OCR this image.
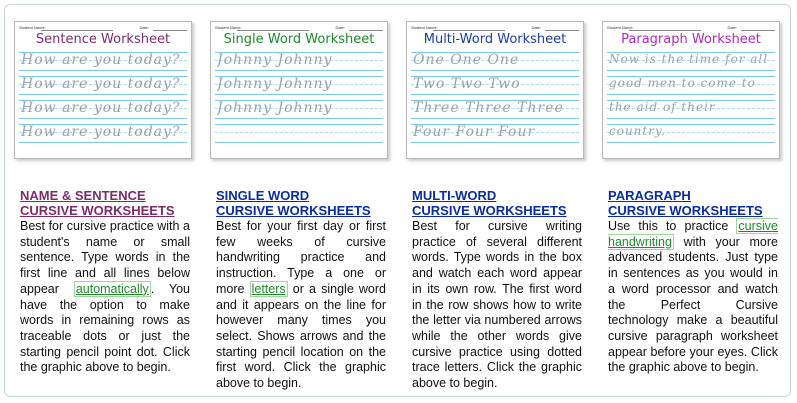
Student Name:	Date:
Sentence Worksheet
How are you today?
How are you today?
How are you today?
How are you today?
NAME & SENTENCE
CURSIVE WORKSHEETS
Best for cursive practice with a student's name or small sentence. Type words in the first line and all lines below appear automatically . You have the option to make words in remaining rows as traceable dots or just the starting pencil point dot. Click the graphic above to begin.
Student Name:	Date:
Single Word Worksheet
Johnny Johnny
Johnny Johnny
Johnny Johnny
SINGLE WORD
CURSIVE WORKSHEETS
Best for your first day or first few weeks of cursive handwriting practice and instruction. Type a one or more letters or a single word and it appears on the line for however many times you select. Shows arrows and the starting pencil location on the first word. Click the graphic above to begin.
Student Name:	Date:
Multi-Word Worksheet
One One One
Two Two Two
Three Three Three
Four Four Four
MULTI-WORD
CURSIVE WORKSHEETS
Best for cursive writing practice of several different words. Type words in the box and watch each word appear in its own row. The first word in the row shows how to write the letter via numbered arrows while the other words give cursive practice using dotted trace letters. Click the graphic above to begin.
Student Name:	Date:
Paragraph Worksheet
Now is the time for all
good men to come to
the aid of their
country.
PARAGRAPH
CURSIVE WORKSHEETS
Use this to practice cursive handwriting with your more advanced students. Just type in sentences as you would in a word processor and watch the Perfect Cursive technology make a beautiful cursive paragraph worksheet appear before your eyes. Click the graphic above to begin.
